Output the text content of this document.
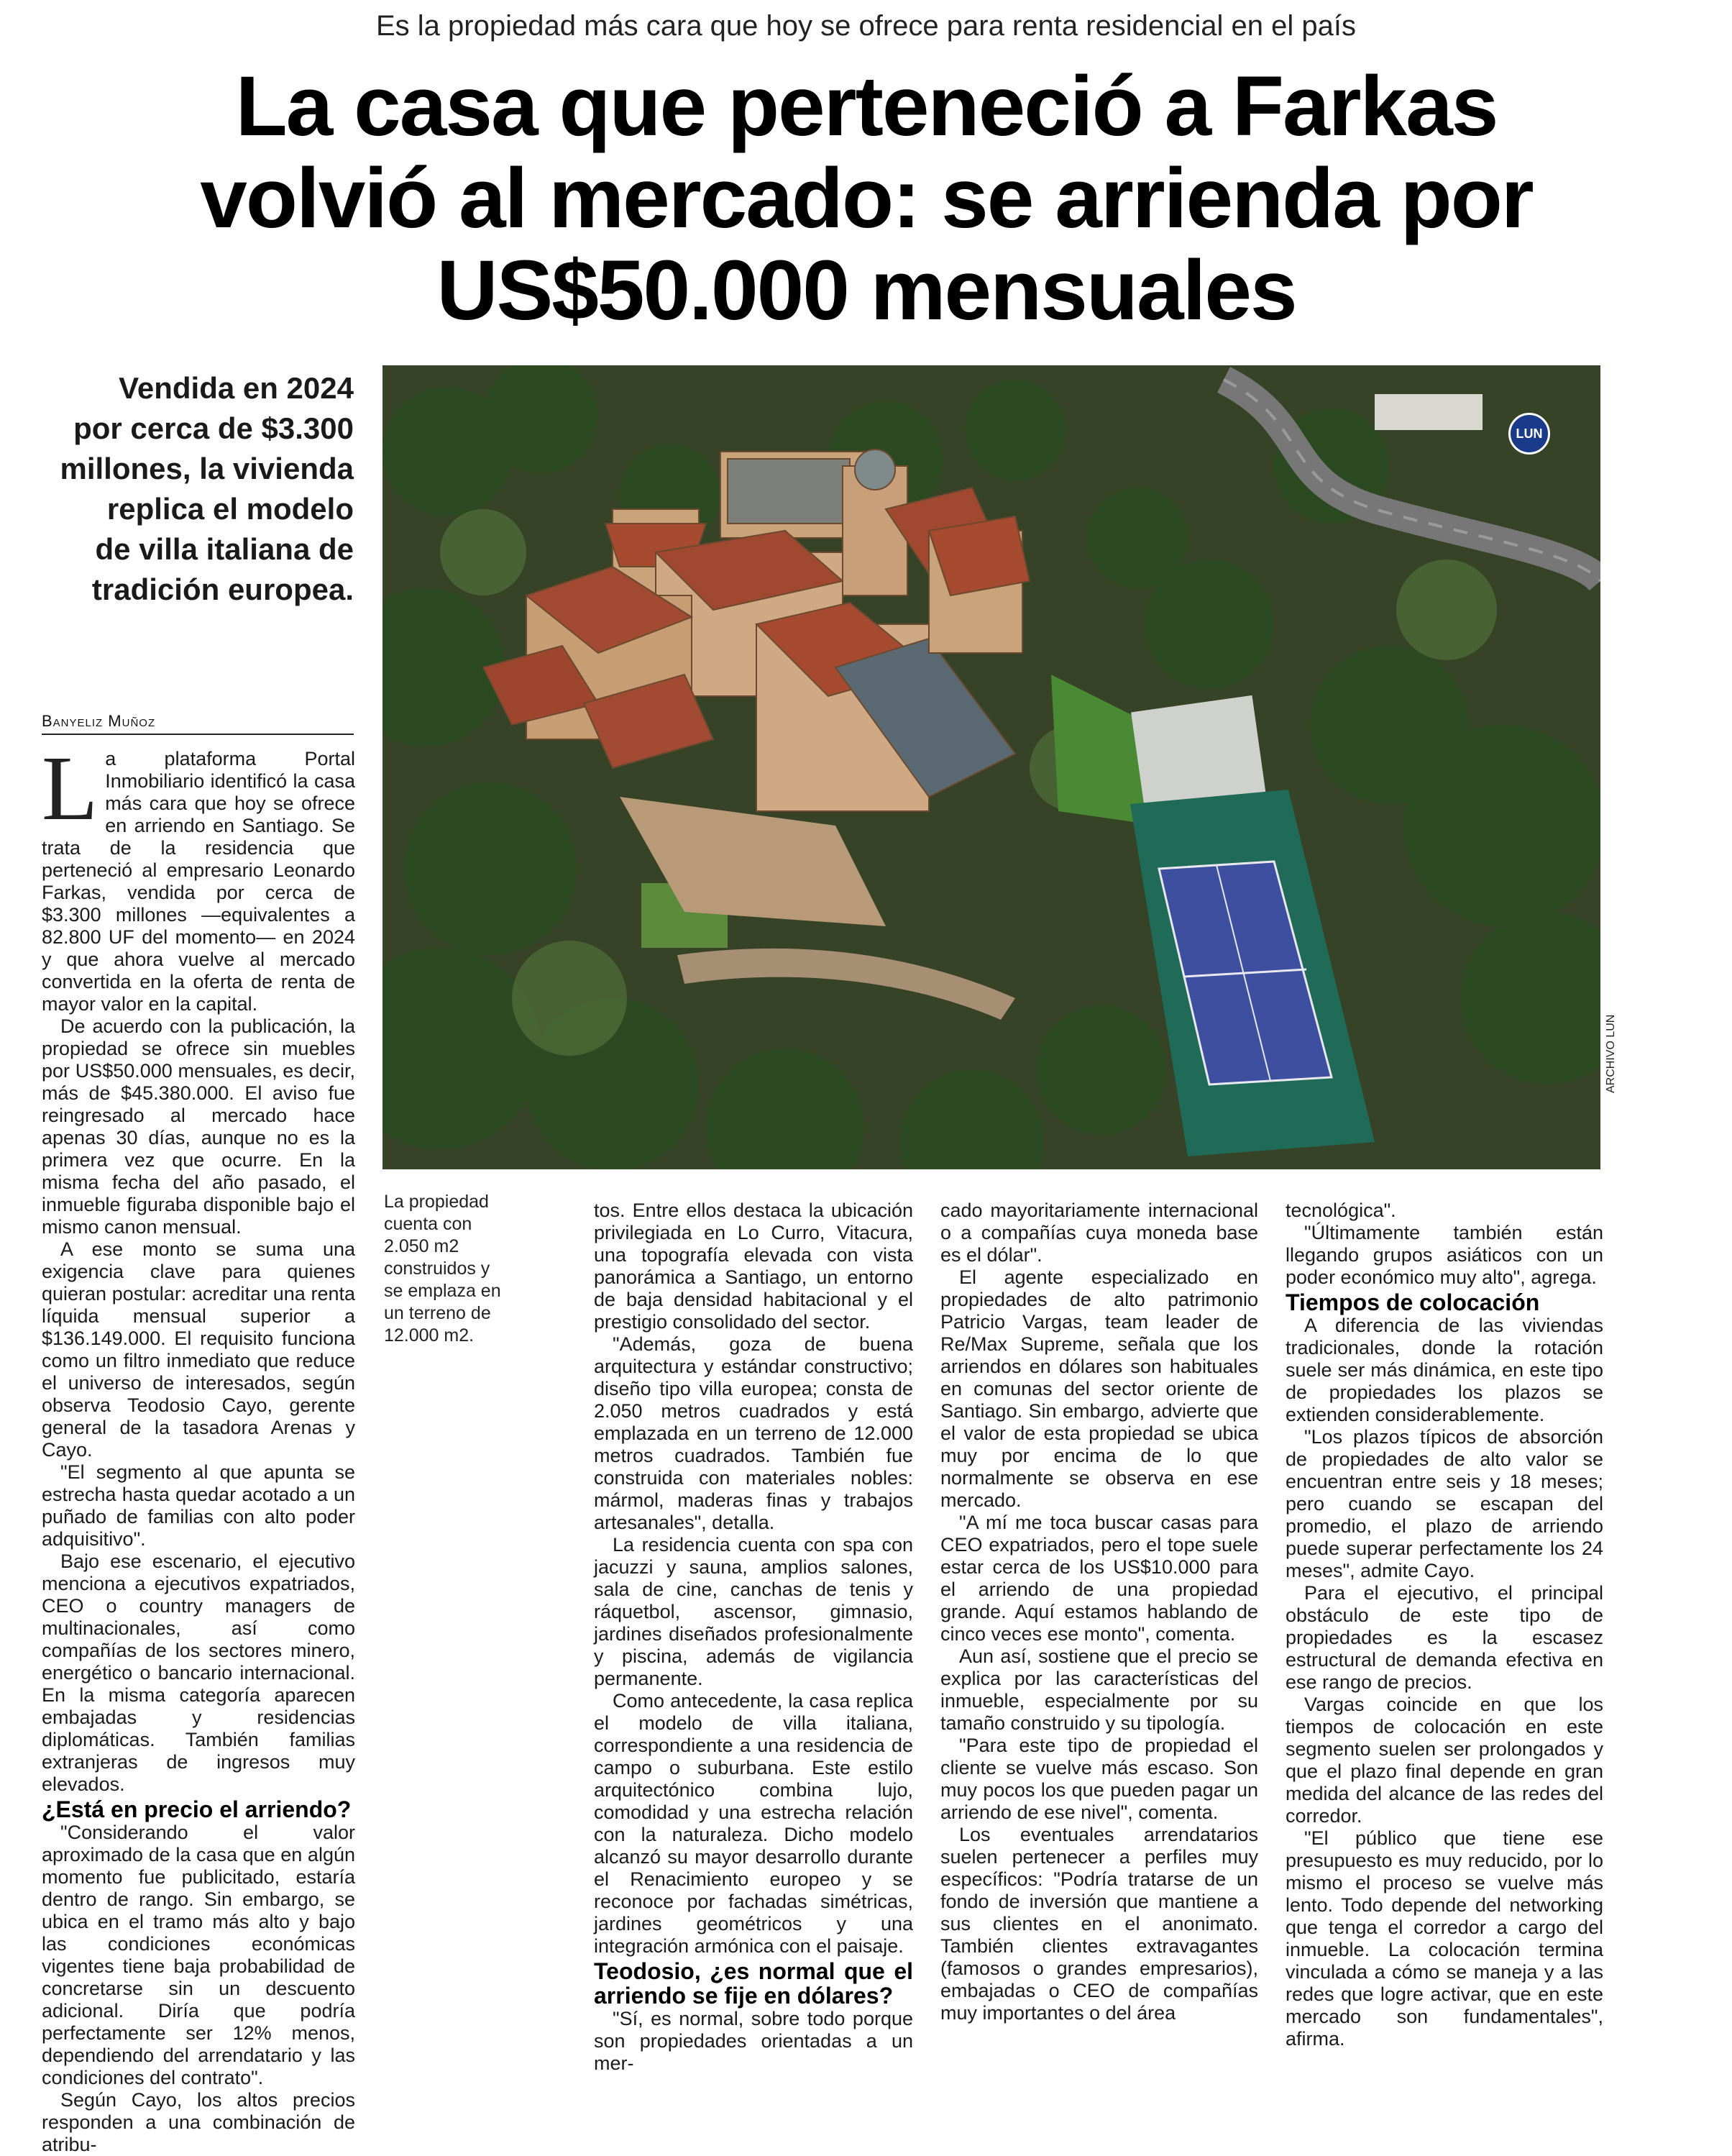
Es la propiedad más cara que hoy se ofrece para renta residencial en el país
La casa que perteneció a Farkas
volvió al mercado: se arrienda por
US$50.000 mensuales
Vendida en 2024
por cerca de $3.300
millones, la vivienda
replica el modelo
de villa italiana de
tradición europea.
LUN
ARCHIVO LUN
La propiedad cuenta con 2.050 m2 construidos y se emplaza en un terreno de 12.000 m2.
Banyeliz Muñoz
L a plataforma Portal Inmobiliario identificó la casa más cara que hoy se ofrece en arriendo en Santiago. Se trata de la residencia que perteneció al empresario Leonardo Farkas, vendida por cerca de $3.300 millones —equivalentes a 82.800 UF del momento— en 2024 y que ahora vuelve al mercado convertida en la oferta de renta de mayor valor en la capital.

De acuerdo con la publicación, la propiedad se ofrece sin muebles por US$50.000 mensuales, es decir, más de $45.380.000. El aviso fue reingresado al mercado hace apenas 30 días, aunque no es la primera vez que ocurre. En la misma fecha del año pasado, el inmueble figuraba disponible bajo el mismo canon mensual.

A ese monto se suma una exigencia clave para quienes quieran postular: acreditar una renta líquida mensual superior a $136.149.000. El requisito funciona como un filtro inmediato que reduce el universo de interesados, según observa Teodosio Cayo, gerente general de la tasadora Arenas y Cayo.

"El segmento al que apunta se estrecha hasta quedar acotado a un puñado de familias con alto poder adquisitivo".

Bajo ese escenario, el ejecutivo menciona a ejecutivos expatriados, CEO o country managers de multinacionales, así como compañías de los sectores minero, energético o bancario internacional. En la misma categoría aparecen embajadas y residencias diplomáticas. También familias extranjeras de ingresos muy elevados.

¿Está en precio el arriendo?

"Considerando el valor aproximado de la casa que en algún momento fue publicitado, estaría dentro de rango. Sin embargo, se ubica en el tramo más alto y bajo las condiciones económicas vigentes tiene baja probabilidad de concretarse sin un descuento adicional. Diría que podría perfectamente ser 12% menos, dependiendo del arrendatario y las condiciones del contrato".

Según Cayo, los altos precios responden a una combinación de atribu-

tos. Entre ellos destaca la ubicación privilegiada en Lo Curro, Vitacura, una topografía elevada con vista panorámica a Santiago, un entorno de baja densidad habitacional y el prestigio consolidado del sector.

"Además, goza de buena arquitectura y estándar constructivo; diseño tipo villa europea; consta de 2.050 metros cuadrados y está emplazada en un terreno de 12.000 metros cuadrados. También fue construida con materiales nobles: mármol, maderas finas y trabajos artesanales", detalla.

La residencia cuenta con spa con jacuzzi y sauna, amplios salones, sala de cine, canchas de tenis y ráquetbol, ascensor, gimnasio, jardines diseñados profesionalmente y piscina, además de vigilancia permanente.

Como antecedente, la casa replica el modelo de villa italiana, correspondiente a una residencia de campo o suburbana. Este estilo arquitectónico combina lujo, comodidad y una estrecha relación con la naturaleza. Dicho modelo alcanzó su mayor desarrollo durante el Renacimiento europeo y se reconoce por fachadas simétricas, jardines geométricos y una integración armónica con el paisaje.

Teodosio, ¿es normal que el arriendo se fije en dólares?

"Sí, es normal, sobre todo porque son propiedades orientadas a un mer-

cado mayoritariamente internacional o a compañías cuya moneda base es el dólar".

El agente especializado en propiedades de alto patrimonio Patricio Vargas, team leader de Re/Max Supreme, señala que los arriendos en dólares son habituales en comunas del sector oriente de Santiago. Sin embargo, advierte que el valor de esta propiedad se ubica muy por encima de lo que normalmente se observa en ese mercado.

"A mí me toca buscar casas para CEO expatriados, pero el tope suele estar cerca de los US$10.000 para el arriendo de una propiedad grande. Aquí estamos hablando de cinco veces ese monto", comenta.

Aun así, sostiene que el precio se explica por las características del inmueble, especialmente por su tamaño construido y su tipología.

"Para este tipo de propiedad el cliente se vuelve más escaso. Son muy pocos los que pueden pagar un arriendo de ese nivel", comenta.

Los eventuales arrendatarios suelen pertenecer a perfiles muy específicos: "Podría tratarse de un fondo de inversión que mantiene a sus clientes en el anonimato. También clientes extravagantes (famosos o grandes empresarios), embajadas o CEO de compañías muy importantes o del área

tecnológica".

"Últimamente también están llegando grupos asiáticos con un poder económico muy alto", agrega.

Tiempos de colocación

A diferencia de las viviendas tradicionales, donde la rotación suele ser más dinámica, en este tipo de propiedades los plazos se extienden considerablemente.

"Los plazos típicos de absorción de propiedades de alto valor se encuentran entre seis y 18 meses; pero cuando se escapan del promedio, el plazo de arriendo puede superar perfectamente los 24 meses", admite Cayo.

Para el ejecutivo, el principal obstáculo de este tipo de propiedades es la escasez estructural de demanda efectiva en ese rango de precios.

Vargas coincide en que los tiempos de colocación en este segmento suelen ser prolongados y que el plazo final depende en gran medida del alcance de las redes del corredor.

"El público que tiene ese presupuesto es muy reducido, por lo mismo el proceso se vuelve más lento. Todo depende del networking que tenga el corredor a cargo del inmueble. La colocación termina vinculada a cómo se maneja y a las redes que logre activar, que en este mercado son fundamentales", afirma.
